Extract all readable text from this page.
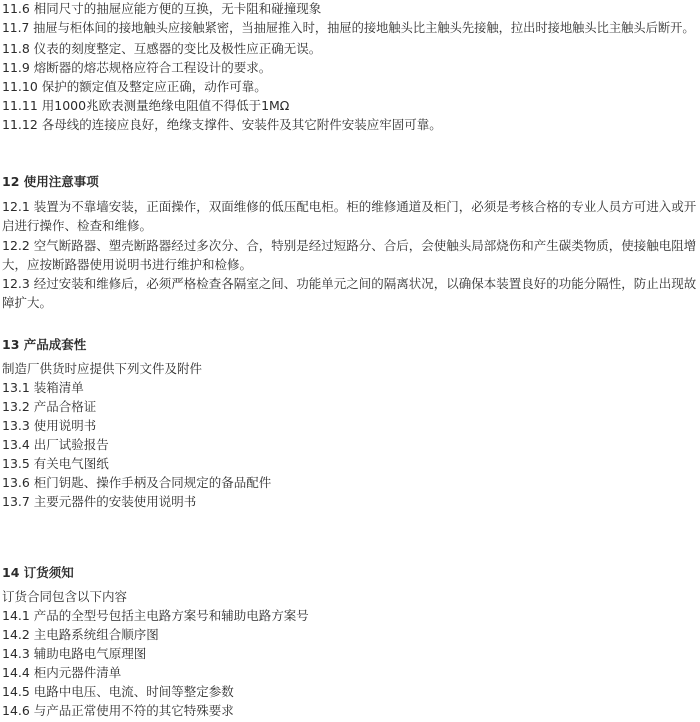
11.6 相同尺寸的抽屉应能方便的互换，无卡阻和碰撞现象
11.7 抽屉与柜体间的接地触头应接触紧密，当抽屉推入时，抽屉的接地触头比主触头先接触，拉出时接地触头比主触头后断开。
11.8 仪表的刻度整定、互感器的变比及极性应正确无误。
11.9 熔断器的熔芯规格应符合工程设计的要求。
11.10 保护的额定值及整定应正确，动作可靠。
11.11 用1000兆欧表测量绝缘电阻值不得低于1MΩ
11.12 各母线的连接应良好，绝缘支撑件、安装件及其它附件安装应牢固可靠。
12 使用注意事项
12.1 装置为不靠墙安装，正面操作，双面维修的低压配电柜。柜的维修通道及柜门，必须是考核合格的专业人员方可进入或开
启进行操作、检查和维修。
12.2 空气断路器、塑壳断路器经过多次分、合，特别是经过短路分、合后，会使触头局部烧伤和产生碳类物质，使接触电阻增
大，应按断路器使用说明书进行维护和检修。
12.3 经过安装和维修后，必须严格检查各隔室之间、功能单元之间的隔离状况，以确保本装置良好的功能分隔性，防止出现故
障扩大。
13 产品成套性
制造厂供货时应提供下列文件及附件
13.1 装箱清单
13.2 产品合格证
13.3 使用说明书
13.4 出厂试验报告
13.5 有关电气图纸
13.6 柜门钥匙、操作手柄及合同规定的备品配件
13.7 主要元器件的安装使用说明书
14 订货须知
订货合同包含以下内容
14.1 产品的全型号包括主电路方案号和辅助电路方案号
14.2 主电路系统组合顺序图
14.3 辅助电路电气原理图
14.4 柜内元器件清单
14.5 电路中电压、电流、时间等整定参数
14.6 与产品正常使用不符的其它特殊要求
